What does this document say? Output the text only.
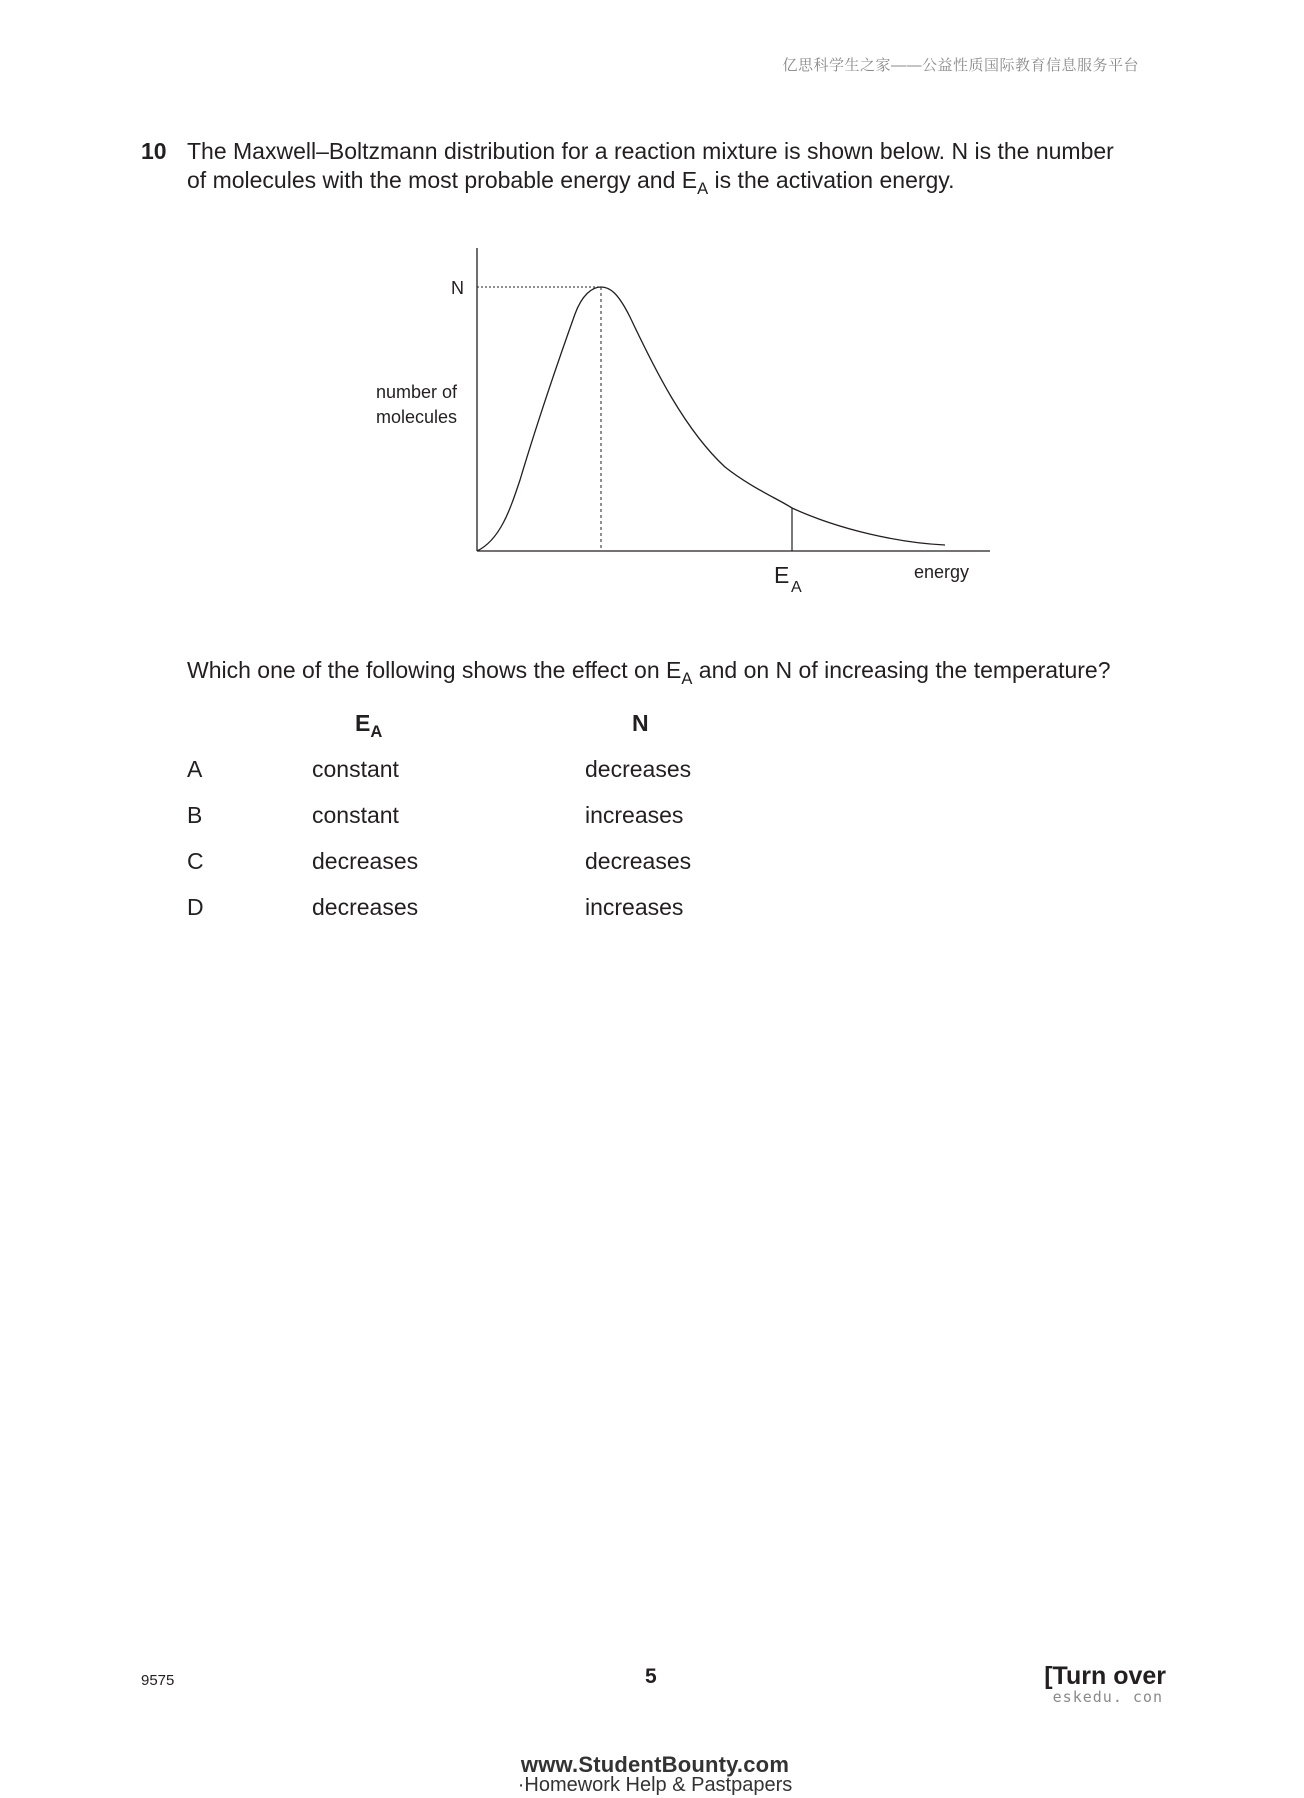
亿思科学生之家——公益性质国际教育信息服务平台
10 The Maxwell–Boltzmann distribution for a reaction mixture is shown below. N is the number
of molecules with the most probable energy and $E_A$ is the activation energy.
N
number of
molecules
E A
energy
Which one of the following shows the effect on $E_A$ and on N of increasing the temperature?
$E_A$	N
A	constant	decreases
B	constant	increases
C	decreases	decreases
D	decreases	increases
9575	5	[Turn over
eskedu. con
www.StudentBounty.com
·Homework Help & Pastpapers
